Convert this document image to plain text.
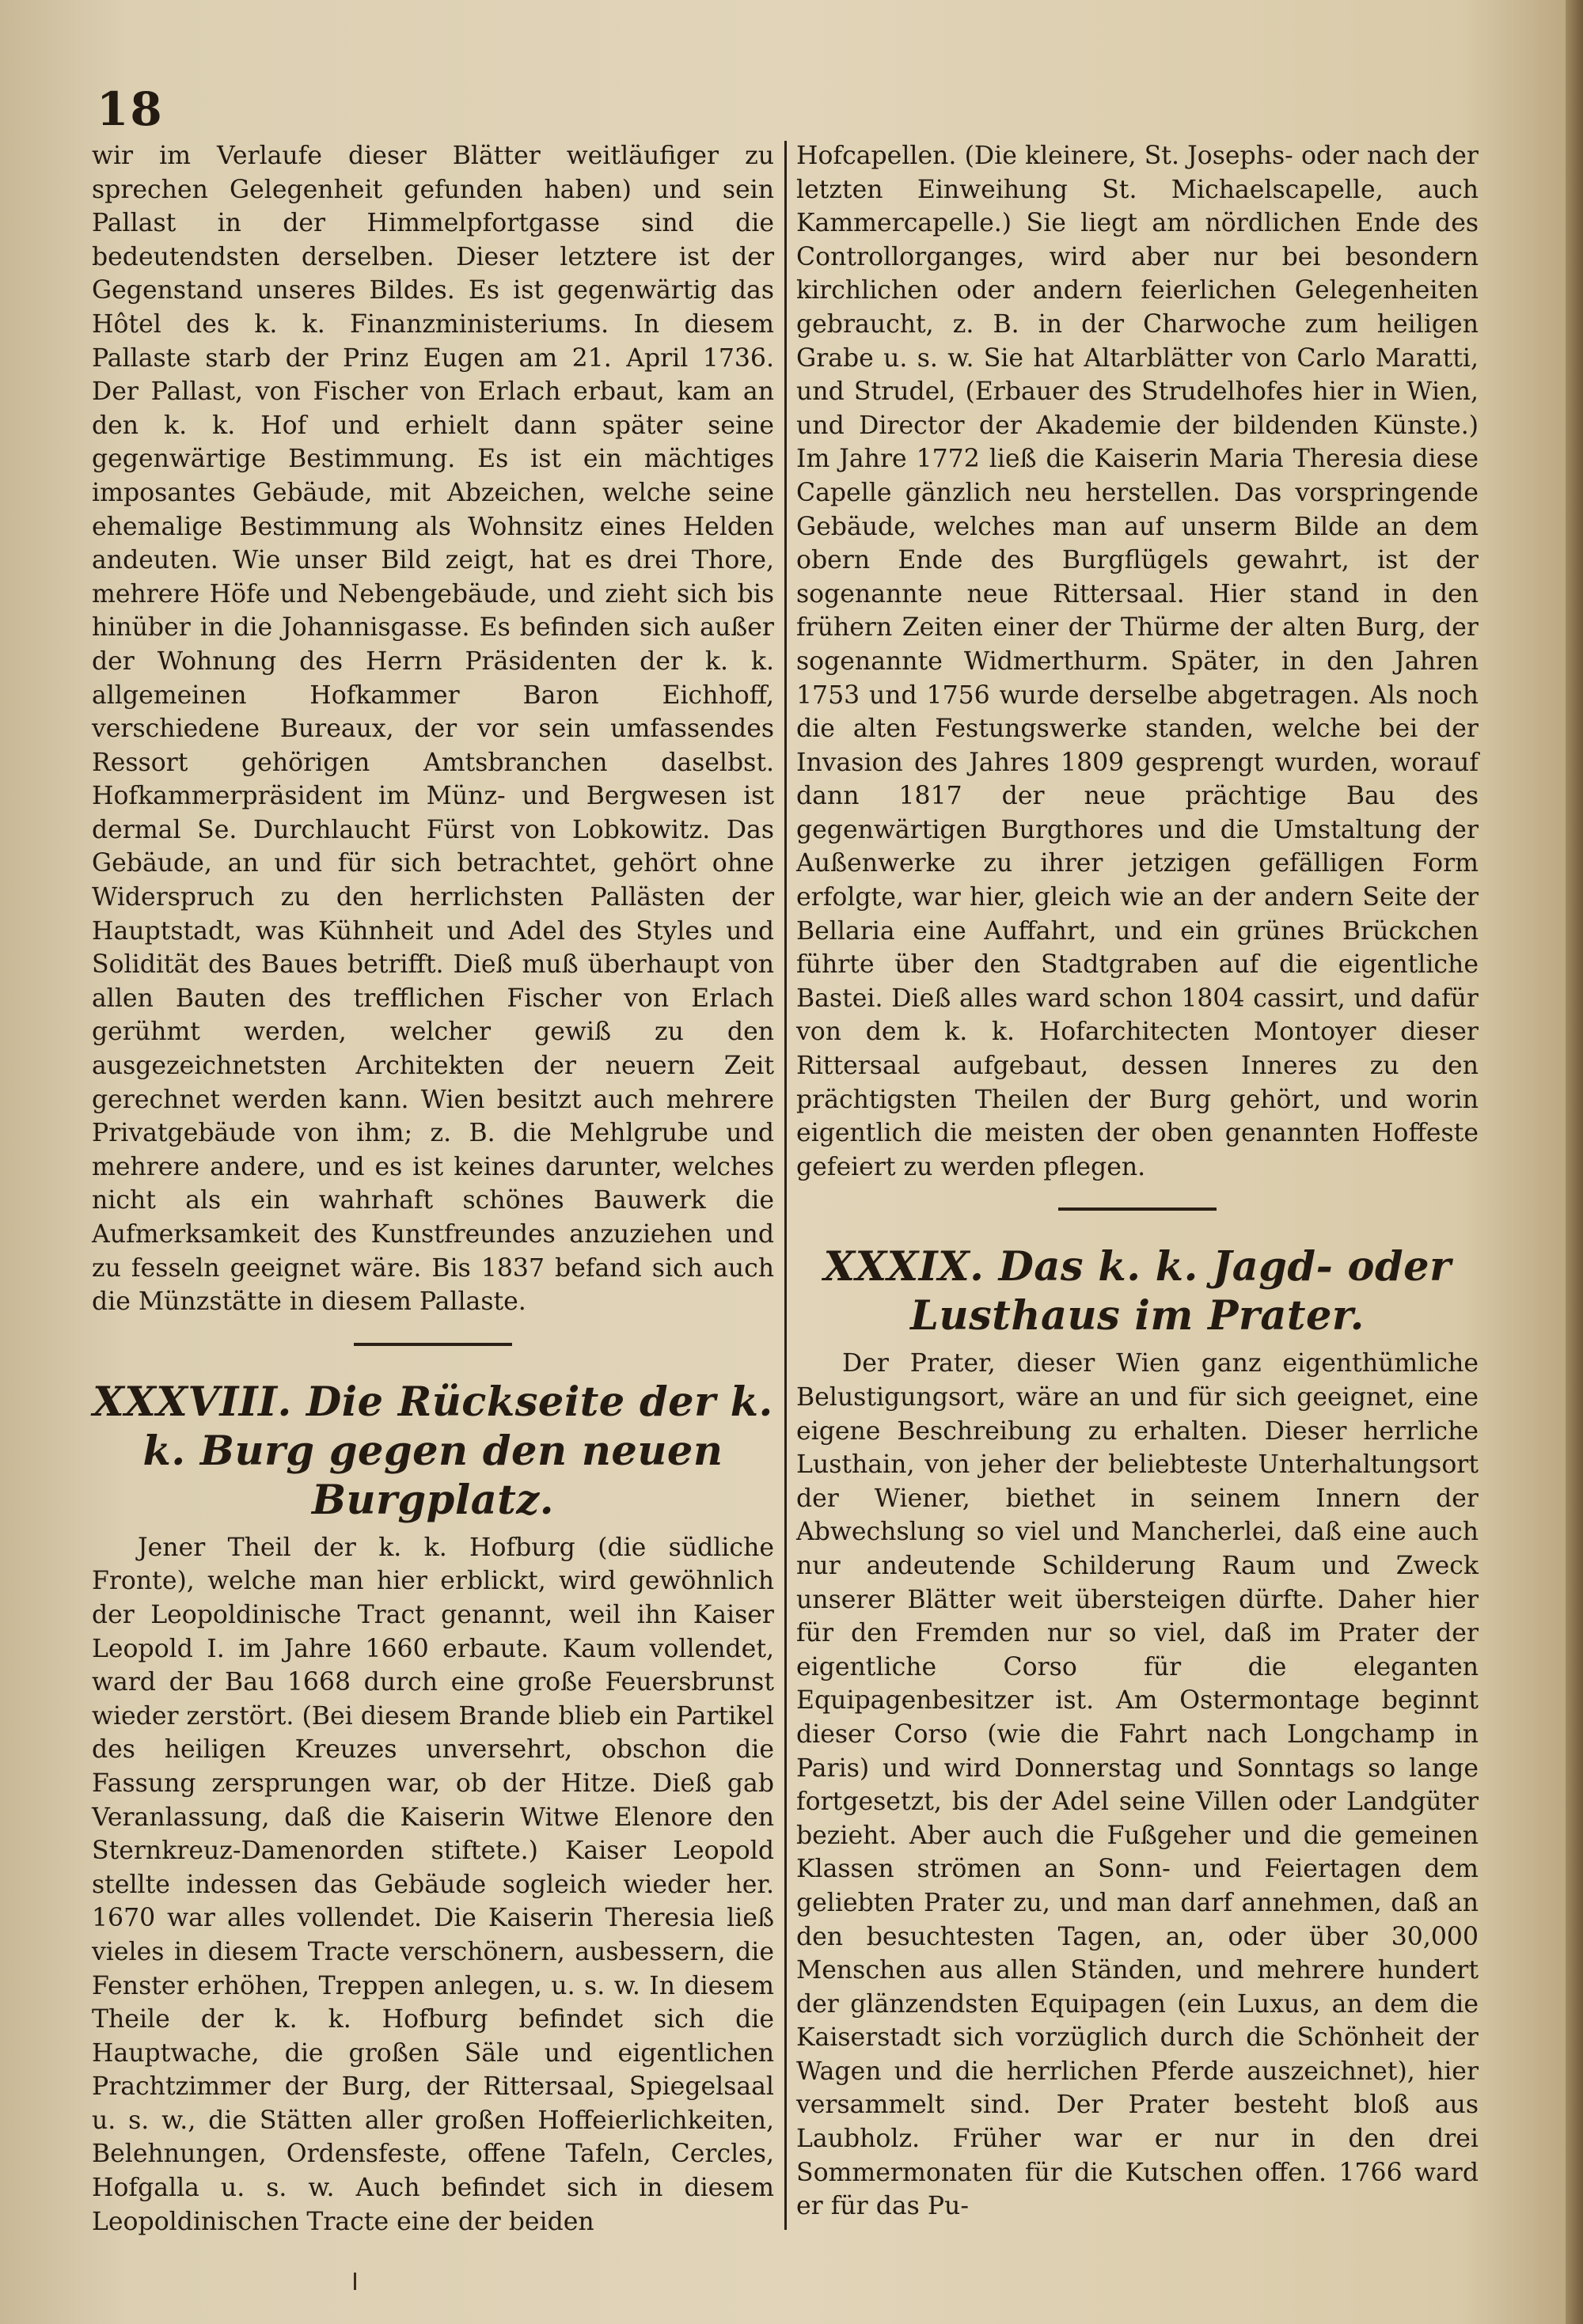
18

wir im Verlaufe dieser Blätter weitläufiger zu sprechen Gelegenheit gefunden haben) und sein Pallast in der Himmelpfortgasse sind die bedeutendsten derselben. Dieser letztere ist der Gegenstand unseres Bildes. Es ist gegenwärtig das Hôtel des k. k. Finanzministeriums. In diesem Pallaste starb der Prinz Eugen am 21. April 1736. Der Pallast, von Fischer von Erlach erbaut, kam an den k. k. Hof und erhielt dann später seine gegenwärtige Bestimmung. Es ist ein mächtiges imposantes Gebäude, mit Abzeichen, welche seine ehemalige Bestimmung als Wohnsitz eines Helden andeuten. Wie unser Bild zeigt, hat es drei Thore, mehrere Höfe und Nebengebäude, und zieht sich bis hinüber in die Johannisgasse. Es befinden sich außer der Wohnung des Herrn Präsidenten der k. k. allgemeinen Hofkammer Baron Eichhoff, verschiedene Bureaux, der vor sein umfassendes Ressort gehörigen Amtsbranchen daselbst. Hofkammerpräsident im Münz- und Bergwesen ist dermal Se. Durchlaucht Fürst von Lobkowitz. Das Gebäude, an und für sich betrachtet, gehört ohne Widerspruch zu den herrlichsten Pallästen der Hauptstadt, was Kühnheit und Adel des Styles und Solidität des Baues betrifft. Dieß muß überhaupt von allen Bauten des trefflichen Fischer von Erlach gerühmt werden, welcher gewiß zu den ausgezeichnetsten Architekten der neuern Zeit gerechnet werden kann. Wien besitzt auch mehrere Privatgebäude von ihm; z. B. die Mehlgrube und mehrere andere, und es ist keines darunter, welches nicht als ein wahrhaft schönes Bauwerk die Aufmerksamkeit des Kunstfreundes anzuziehen und zu fesseln geeignet wäre. Bis 1837 befand sich auch die Münzstätte in diesem Pallaste.

XXXVIII. Die Rückseite der k. k. Burg gegen den neuen Burgplatz.

Jener Theil der k. k. Hofburg (die südliche Fronte), welche man hier erblickt, wird gewöhnlich der Leopoldinische Tract genannt, weil ihn Kaiser Leopold I. im Jahre 1660 erbaute. Kaum vollendet, ward der Bau 1668 durch eine große Feuersbrunst wieder zerstört. (Bei diesem Brande blieb ein Partikel des heiligen Kreuzes unversehrt, obschon die Fassung zersprungen war, ob der Hitze. Dieß gab Veranlassung, daß die Kaiserin Witwe Elenore den Sternkreuz-Damenorden stiftete.) Kaiser Leopold stellte indessen das Gebäude sogleich wieder her. 1670 war alles vollendet. Die Kaiserin Theresia ließ vieles in diesem Tracte verschönern, ausbessern, die Fenster erhöhen, Treppen anlegen, u. s. w. In diesem Theile der k. k. Hofburg befindet sich die Hauptwache, die großen Säle und eigentlichen Prachtzimmer der Burg, der Rittersaal, Spiegelsaal u. s. w., die Stätten aller großen Hoffeierlichkeiten, Belehnungen, Ordensfeste, offene Tafeln, Cercles, Hofgalla u. s. w. Auch befindet sich in diesem Leopoldinischen Tracte eine der beiden

Hofcapellen. (Die kleinere, St. Josephs- oder nach der letzten Einweihung St. Michaelscapelle, auch Kammercapelle.) Sie liegt am nördlichen Ende des Controllorganges, wird aber nur bei besondern kirchlichen oder andern feierlichen Gelegenheiten gebraucht, z. B. in der Charwoche zum heiligen Grabe u. s. w. Sie hat Altarblätter von Carlo Maratti, und Strudel, (Erbauer des Strudelhofes hier in Wien, und Director der Akademie der bildenden Künste.) Im Jahre 1772 ließ die Kaiserin Maria Theresia diese Capelle gänzlich neu herstellen. Das vorspringende Gebäude, welches man auf unserm Bilde an dem obern Ende des Burgflügels gewahrt, ist der sogenannte neue Rittersaal. Hier stand in den frühern Zeiten einer der Thürme der alten Burg, der sogenannte Widmerthurm. Später, in den Jahren 1753 und 1756 wurde derselbe abgetragen. Als noch die alten Festungswerke standen, welche bei der Invasion des Jahres 1809 gesprengt wurden, worauf dann 1817 der neue prächtige Bau des gegenwärtigen Burgthores und die Umstaltung der Außenwerke zu ihrer jetzigen gefälligen Form erfolgte, war hier, gleich wie an der andern Seite der Bellaria eine Auffahrt, und ein grünes Brückchen führte über den Stadtgraben auf die eigentliche Bastei. Dieß alles ward schon 1804 cassirt, und dafür von dem k. k. Hofarchitecten Montoyer dieser Rittersaal aufgebaut, dessen Inneres zu den prächtigsten Theilen der Burg gehört, und worin eigentlich die meisten der oben genannten Hoffeste gefeiert zu werden pflegen.

XXXIX. Das k. k. Jagd- oder Lusthaus im Prater.

Der Prater, dieser Wien ganz eigenthümliche Belustigungsort, wäre an und für sich geeignet, eine eigene Beschreibung zu erhalten. Dieser herrliche Lusthain, von jeher der beliebteste Unterhaltungsort der Wiener, biethet in seinem Innern der Abwechslung so viel und Mancherlei, daß eine auch nur andeutende Schilderung Raum und Zweck unserer Blätter weit übersteigen dürfte. Daher hier für den Fremden nur so viel, daß im Prater der eigentliche Corso für die eleganten Equipagenbesitzer ist. Am Ostermontage beginnt dieser Corso (wie die Fahrt nach Longchamp in Paris) und wird Donnerstag und Sonntags so lange fortgesetzt, bis der Adel seine Villen oder Landgüter bezieht. Aber auch die Fußgeher und die gemeinen Klassen strömen an Sonn- und Feiertagen dem geliebten Prater zu, und man darf annehmen, daß an den besuchtesten Tagen, an, oder über 30,000 Menschen aus allen Ständen, und mehrere hundert der glänzendsten Equipagen (ein Luxus, an dem die Kaiserstadt sich vorzüglich durch die Schönheit der Wagen und die herrlichen Pferde auszeichnet), hier versammelt sind. Der Prater besteht bloß aus Laubholz. Früher war er nur in den drei Sommermonaten für die Kutschen offen. 1766 ward er für das Pu-
